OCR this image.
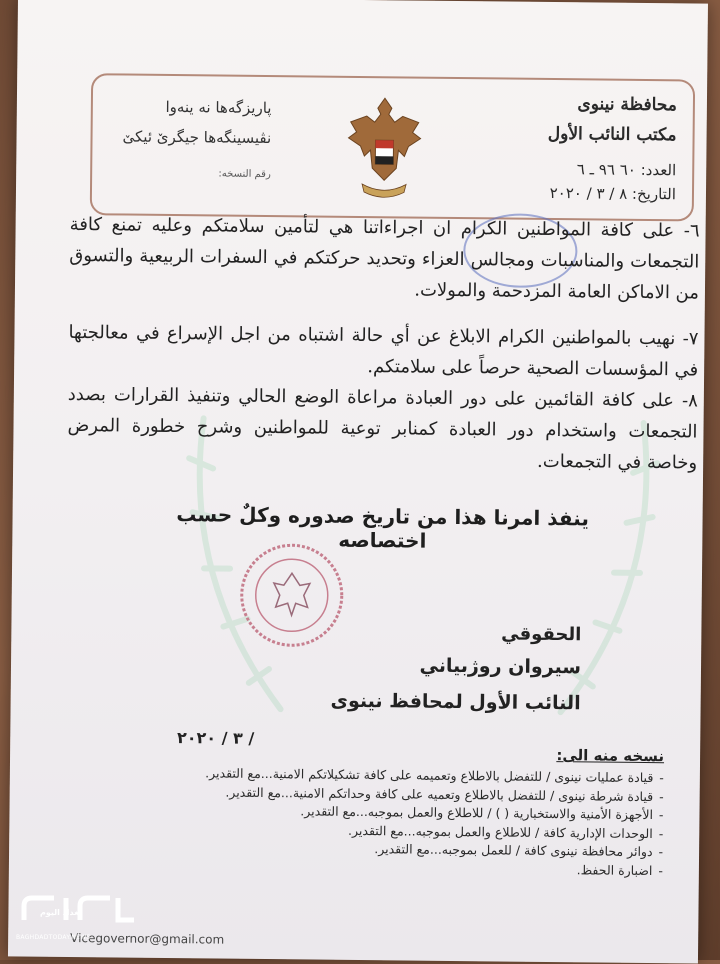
محافظة نينوى
مكتب النائب الأول
العدد: ٦٠ ٩٦ ـ ٦
التاريخ: ٨ / ٣ / ٢٠٢٠
پاریزگەها نه ینەوا
نڤیسینگەها جیگرێ ئیکێ
رقم النسخه:
٦- على كافة المواطنين الكرام ان اجراءاتنا هي لتأمين سلامتكم وعليه تمنع كافة التجمعات والمناسبات ومجالس العزاء وتحديد حركتكم في السفرات الربيعية والتسوق من الاماكن العامة المزدحمة والمولات.
٧- نهيب بالمواطنين الكرام الابلاغ عن أي حالة اشتباه من اجل الإسراع في معالجتها في المؤسسات الصحية حرصاً على سلامتكم.
٨- على كافة القائمين على دور العبادة مراعاة الوضع الحالي وتنفيذ القرارات بصدد التجمعات واستخدام دور العبادة كمنابر توعية للمواطنين وشرح خطورة المرض وخاصة في التجمعات.
ينفذ امرنا هذا من تاريخ صدوره وكلٌ حسب اختصاصه
الحقوقي
سيروان روژبياني
النائب الأول لمحافظ نينوى
/ ٣ / ٢٠٢٠
نسخه منه الى:
- قيادة عمليات نينوى / للتفضل بالاطلاع وتعميمه على كافة تشكيلاتكم الامنية...مع التقدير.
- قيادة شرطة نينوى / للتفضل بالاطلاع وتعميه على كافة وحداتكم الامنية...مع التقدير.
- الأجهزة الأمنية والاستخبارية ( ) / للاطلاع والعمل بموجبه...مع التقدير.
- الوحدات الإدارية كافة / للاطلاع والعمل بموجبه...مع التقدير.
- دوائر محافظة نينوى كافة / للعمل بموجبه...مع التقدير.
- اضبارة الحفظ.
Vicegovernor@gmail.com
بغداد اليوم
BAGHDADTODAY.NEWS
